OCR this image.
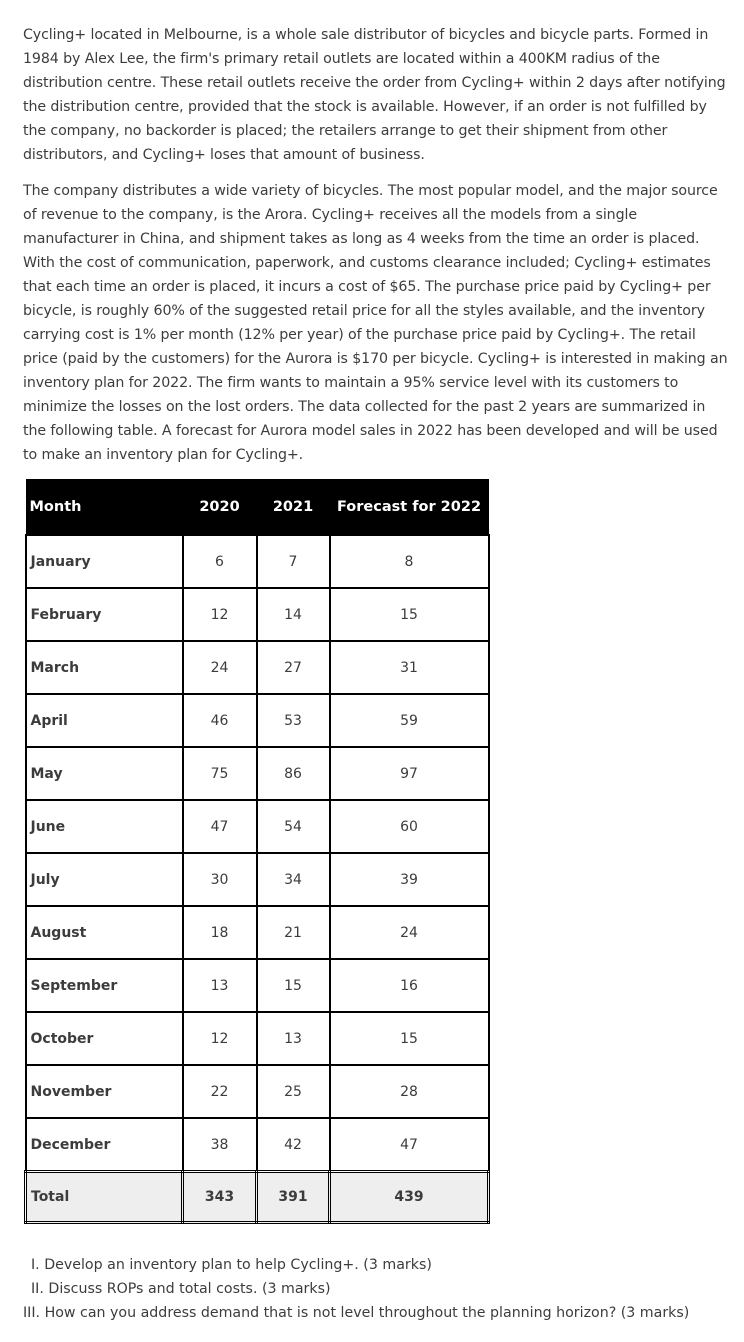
Cycling+ located in Melbourne, is a whole sale distributor of bicycles and bicycle parts. Formed in 1984 by Alex Lee, the firm's primary retail outlets are located within a 400KM radius of the distribution centre. These retail outlets receive the order from Cycling+ within 2 days after notifying the distribution centre, provided that the stock is available. However, if an order is not fulfilled by the company, no backorder is placed; the retailers arrange to get their shipment from other distributors, and Cycling+ loses that amount of business.

The company distributes a wide variety of bicycles. The most popular model, and the major source of revenue to the company, is the Arora. Cycling+ receives all the models from a single manufacturer in China, and shipment takes as long as 4 weeks from the time an order is placed. With the cost of communication, paperwork, and customs clearance included; Cycling+ estimates that each time an order is placed, it incurs a cost of $65. The purchase price paid by Cycling+ per bicycle, is roughly 60% of the suggested retail price for all the styles available, and the inventory carrying cost is 1% per month (12% per year) of the purchase price paid by Cycling+. The retail price (paid by the customers) for the Aurora is $170 per bicycle. Cycling+ is interested in making an inventory plan for 2022. The firm wants to maintain a 95% service level with its customers to minimize the losses on the lost orders. The data collected for the past 2 years are summarized in the following table. A forecast for Aurora model sales in 2022 has been developed and will be used to make an inventory plan for Cycling+.

Month	2020	2021	Forecast for 2022
January	6	7	8
February	12	14	15
March	24	27	31
April	46	53	59
May	75	86	97
June	47	54	60
July	30	34	39
August	18	21	24
September	13	15	16
October	12	13	15
November	22	25	28
December	38	42	47
Total	343	391	439
I. Develop an inventory plan to help Cycling+. (3 marks)
II. Discuss ROPs and total costs. (3 marks)
III. How can you address demand that is not level throughout the planning horizon? (3 marks)
